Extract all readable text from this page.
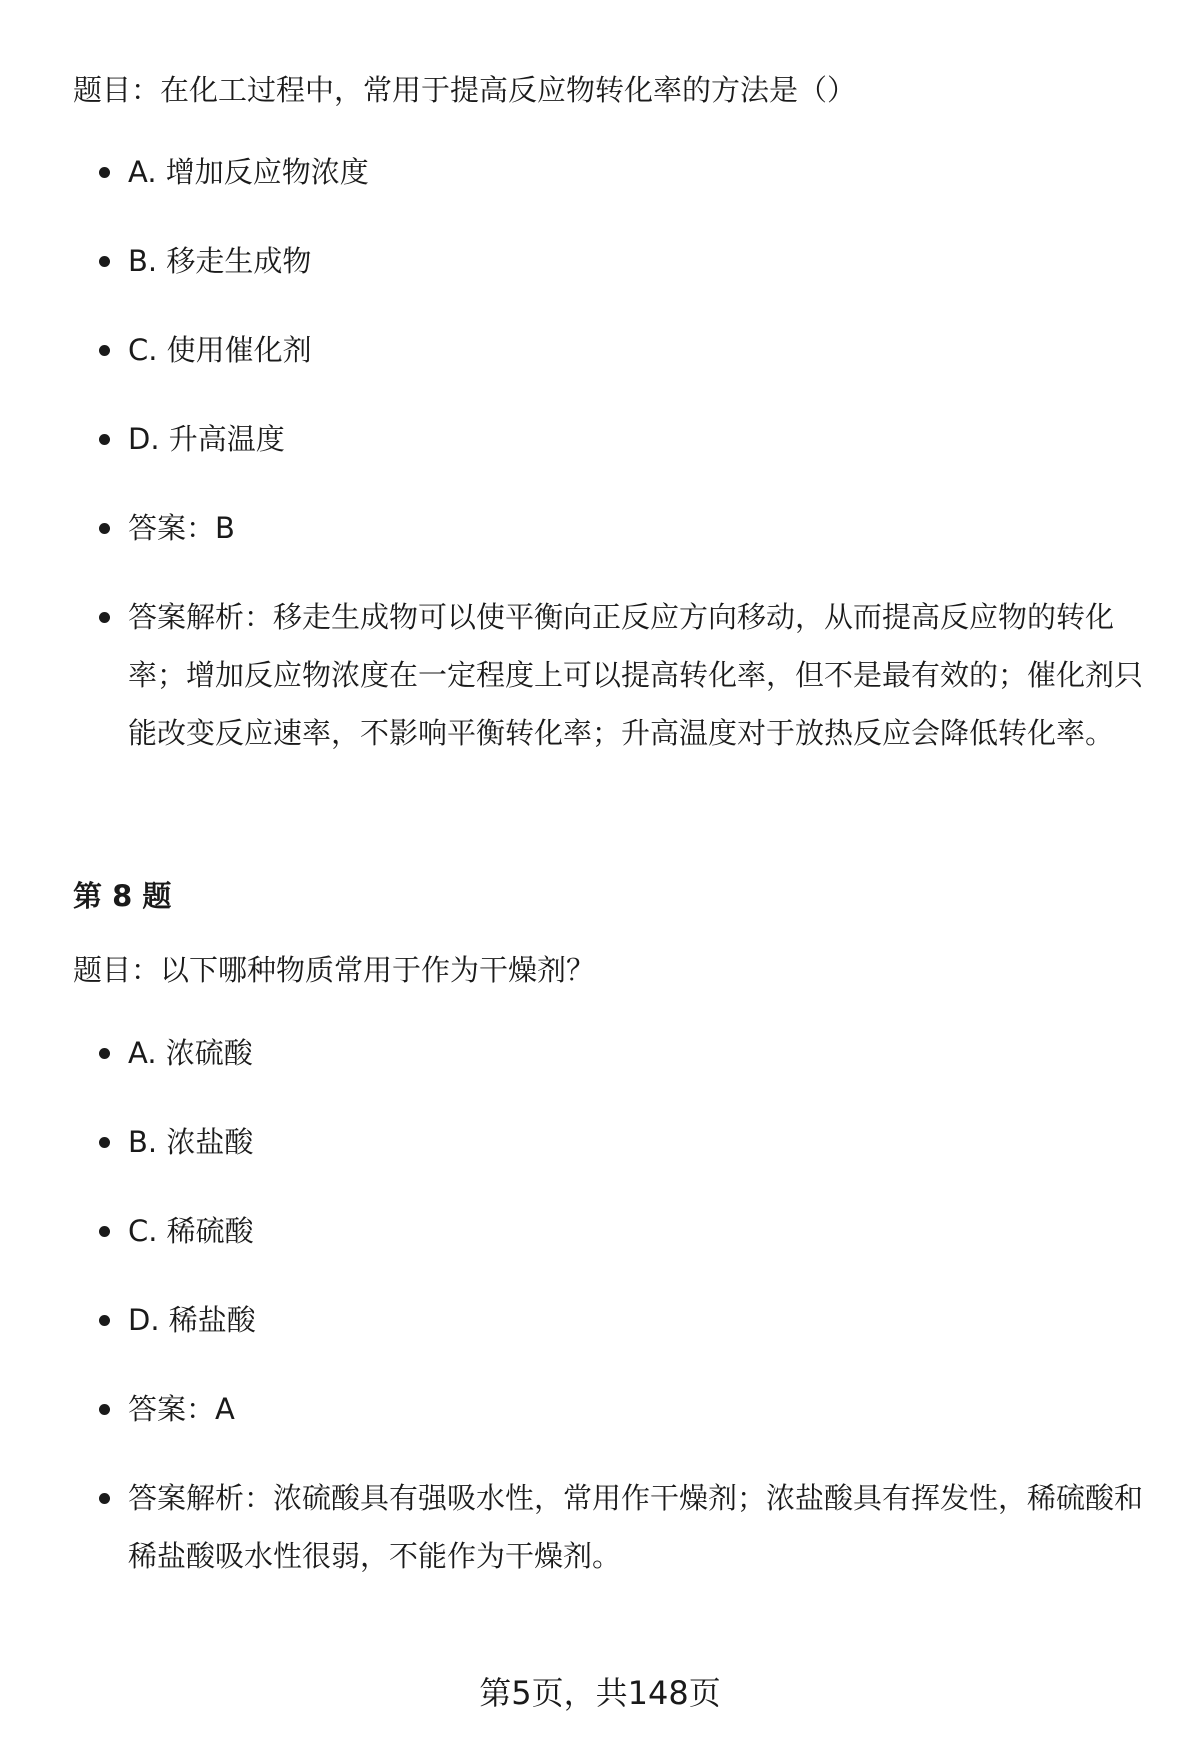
题目：在化工过程中，常用于提高反应物转化率的方法是（）

A. 增加反应物浓度
B. 移走生成物
C. 使用催化剂
D. 升高温度
答案：B
答案解析：移走生成物可以使平衡向正反应方向移动，从而提高反应物的转化率；增加反应物浓度在一定程度上可以提高转化率，但不是最有效的；催化剂只能改变反应速率，不影响平衡转化率；升高温度对于放热反应会降低转化率。
第 8 题

题目：以下哪种物质常用于作为干燥剂？

A. 浓硫酸
B. 浓盐酸
C. 稀硫酸
D. 稀盐酸
答案：A
答案解析：浓硫酸具有强吸水性，常用作干燥剂；浓盐酸具有挥发性，稀硫酸和稀盐酸吸水性很弱，不能作为干燥剂。
第5页，共148页
